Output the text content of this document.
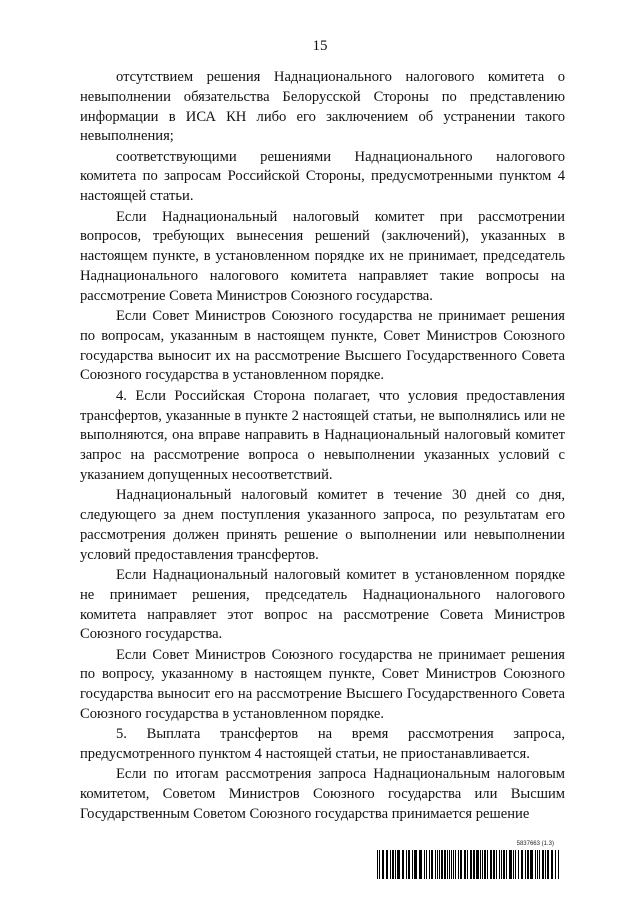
15

отсутствием решения Наднационального налогового комитета о невыполнении обязательства Белорусской Стороны по представлению информации в ИСА КН либо его заключением об устранении такого невыполнения;

соответствующими решениями Наднационального налогового комитета по запросам Российской Стороны, предусмотренными пунктом 4 настоящей статьи.

Если Наднациональный налоговый комитет при рассмотрении вопросов, требующих вынесения решений (заключений), указанных в настоящем пункте, в установленном порядке их не принимает, председатель Наднационального налогового комитета направляет такие вопросы на рассмотрение Совета Министров Союзного государства.

Если Совет Министров Союзного государства не принимает решения по вопросам, указанным в настоящем пункте, Совет Министров Союзного государства выносит их на рассмотрение Высшего Государственного Совета Союзного государства в установленном порядке.

4. Если Российская Сторона полагает, что условия предоставления трансфертов, указанные в пункте 2 настоящей статьи, не выполнялись или не выполняются, она вправе направить в Наднациональный налоговый комитет запрос на рассмотрение вопроса о невыполнении указанных условий с указанием допущенных несоответствий.

Наднациональный налоговый комитет в течение 30 дней со дня, следующего за днем поступления указанного запроса, по результатам его рассмотрения должен принять решение о выполнении или невыполнении условий предоставления трансфертов.

Если Наднациональный налоговый комитет в установленном порядке не принимает решения, председатель Наднационального налогового комитета направляет этот вопрос на рассмотрение Совета Министров Союзного государства.

Если Совет Министров Союзного государства не принимает решения по вопросу, указанному в настоящем пункте, Совет Министров Союзного государства выносит его на рассмотрение Высшего Государственного Совета Союзного государства в установленном порядке.

5. Выплата трансфертов на время рассмотрения запроса, предусмотренного пунктом 4 настоящей статьи, не приостанавливается.

Если по итогам рассмотрения запроса Наднациональным налоговым комитетом, Советом Министров Союзного государства или Высшим Государственным Советом Союзного государства принимается решение

5837663 (1.3)
